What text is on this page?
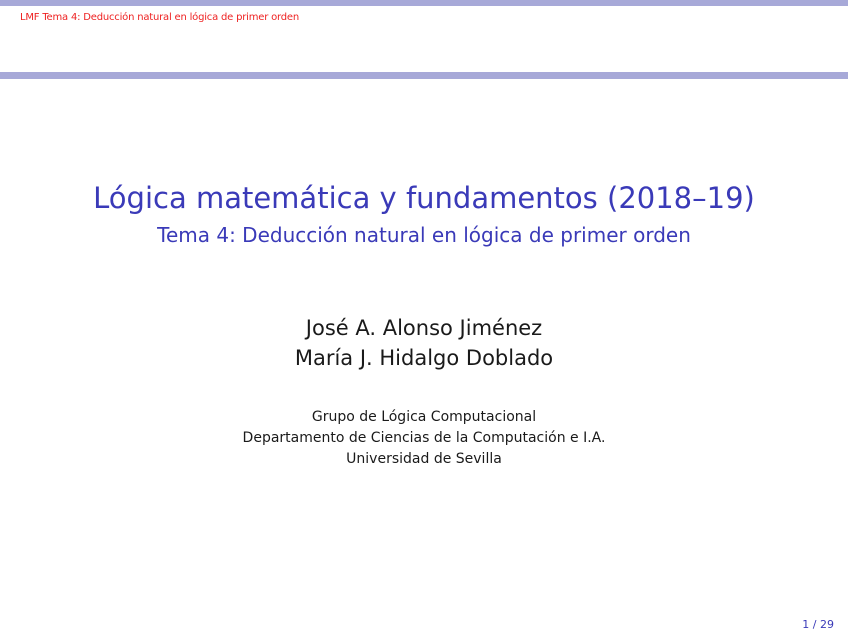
LMF Tema 4: Deducción natural en lógica de primer orden
Lógica matemática y fundamentos (2018–19)
Tema 4: Deducción natural en lógica de primer orden
José A. Alonso Jiménez
María J. Hidalgo Doblado
Grupo de Lógica Computacional
Departamento de Ciencias de la Computación e I.A.
Universidad de Sevilla
1 / 29
